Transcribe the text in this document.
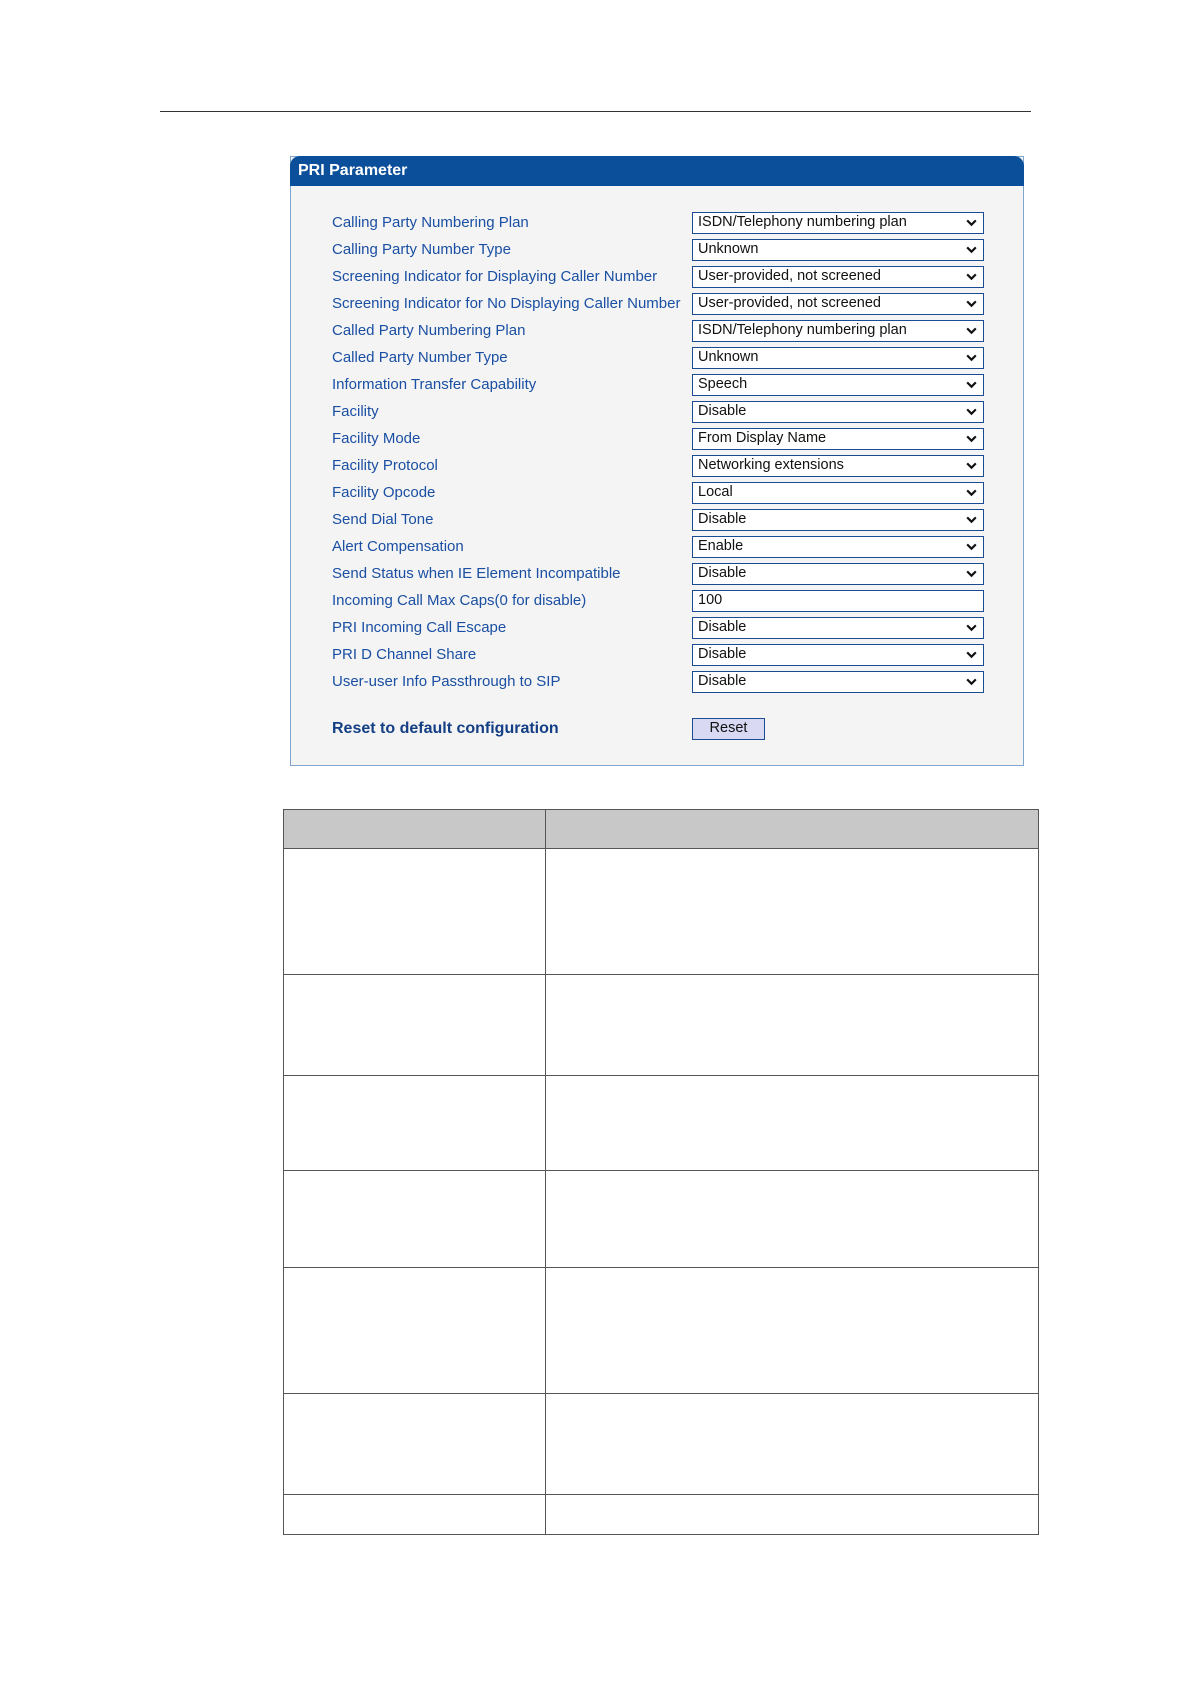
PRI Parameter
Calling Party Numbering Plan	ISDN/Telephony numbering plan
Calling Party Number Type	Unknown
Screening Indicator for Displaying Caller Number	User-provided, not screened
Screening Indicator for No Displaying Caller Number	User-provided, not screened
Called Party Numbering Plan	ISDN/Telephony numbering plan
Called Party Number Type	Unknown
Information Transfer Capability	Speech
Facility	Disable
Facility Mode	From Display Name
Facility Protocol	Networking extensions
Facility Opcode	Local
Send Dial Tone	Disable
Alert Compensation	Enable
Send Status when IE Element Incompatible	Disable
Incoming Call Max Caps(0 for disable)	100
PRI Incoming Call Escape	Disable
PRI D Channel Share	Disable
User-user Info Passthrough to SIP	Disable
Reset to default configuration	Reset
